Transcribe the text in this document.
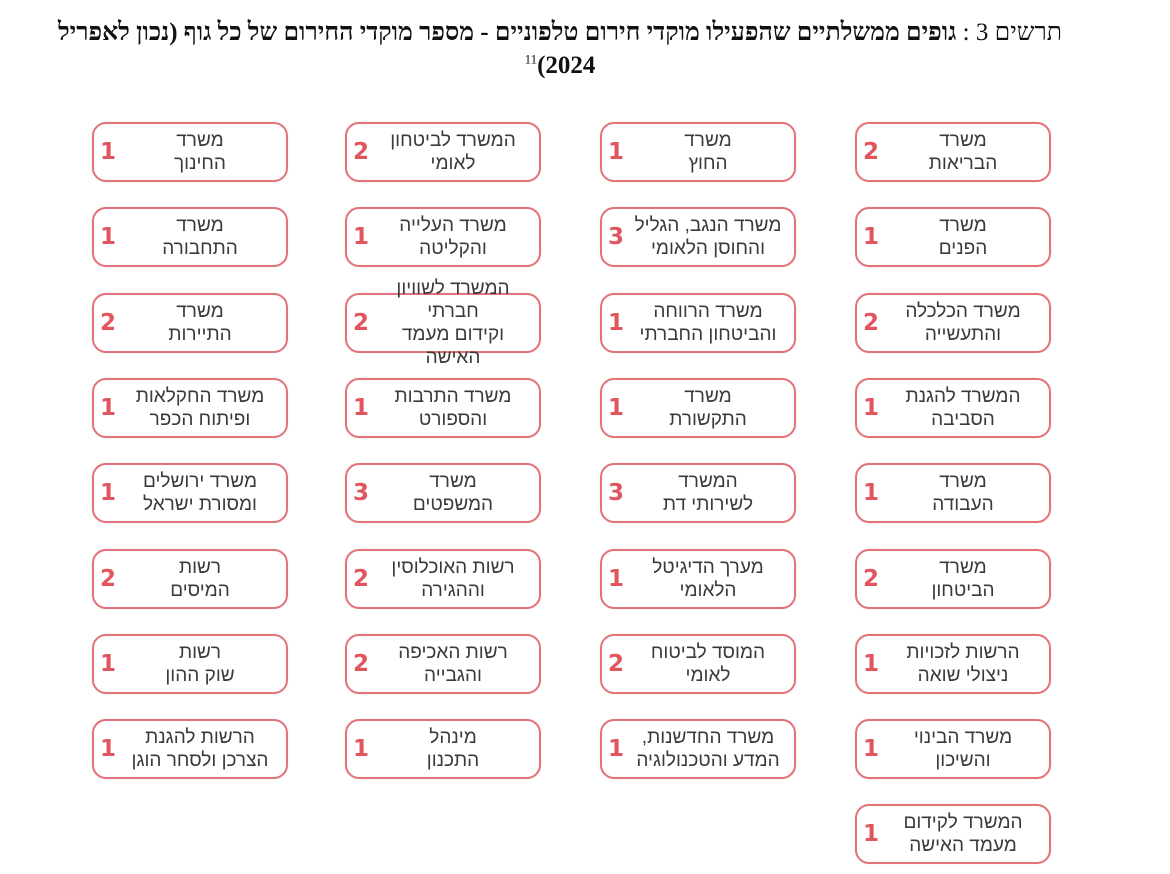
תרשים 3 : גופים ממשלתיים שהפעילו מוקדי חירום טלפוניים - מספר מוקדי החירום של כל גוף (נכון לאפריל 2024)$^{11}$
2	משרד
הבריאות
1	משרד
הפנים
2	משרד הכלכלה
והתעשייה
1	המשרד להגנת
הסביבה
1	משרד
העבודה
2	משרד
הביטחון
1	הרשות לזכויות
ניצולי שואה
1	משרד הבינוי
והשיכון
1	המשרד לקידום
מעמד האישה
1	משרד
החוץ
3	משרד הנגב, הגליל
והחוסן הלאומי
1	משרד הרווחה
והביטחון החברתי
1	משרד
התקשורת
3	המשרד
לשירותי דת
1	מערך הדיגיטל
הלאומי
2	המוסד לביטוח
לאומי
1	משרד החדשנות,
המדע והטכנולוגיה
2	המשרד לביטחון
לאומי
1	משרד העלייה
והקליטה
2
המשרד לשוויון חברתי
וקידום מעמד האישה
1	משרד התרבות
והספורט
3	משרד
המשפטים
2	רשות האוכלוסין
וההגירה
2	רשות האכיפה
והגבייה
1	מינהל
התכנון
1	משרד
החינוך
1	משרד
התחבורה
2	משרד
התיירות
1	משרד החקלאות
ופיתוח הכפר
1	משרד ירושלים
ומסורת ישראל
2	רשות
המיסים
1	רשות
שוק ההון
1	הרשות להגנת
הצרכן ולסחר הוגן
